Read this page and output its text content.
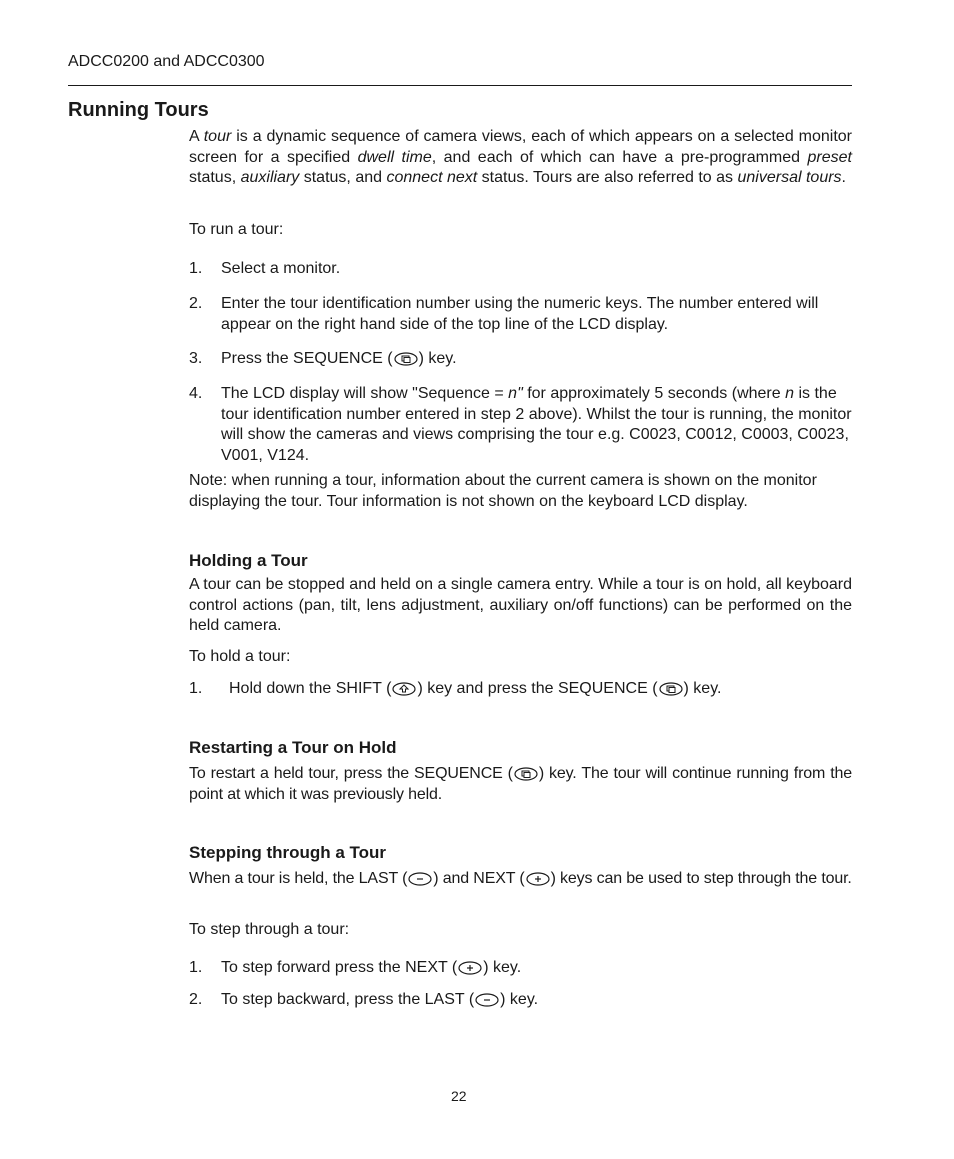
ADCC0200 and ADCC0300
Running Tours
A tour is a dynamic sequence of camera views, each of which appears on a selected monitor screen for a specified dwell time, and each of which can have a pre-programmed preset status, auxiliary status, and connect next status. Tours are also referred to as universal tours.
To run a tour:
1. Select a monitor.
2. Enter the tour identification number using the numeric keys. The number entered will appear on the right hand side of the top line of the LCD display.
3. Press the SEQUENCE ( ) key.
4. The LCD display will show "Sequence = n" for approximately 5 seconds (where n is the tour identification number entered in step 2 above). Whilst the tour is running, the monitor will show the cameras and views comprising the tour e.g. C0023, C0012, C0003, C0023, V001, V124.
Note: when running a tour, information about the current camera is shown on the monitor displaying the tour. Tour information is not shown on the keyboard LCD display.
Holding a Tour
A tour can be stopped and held on a single camera entry. While a tour is on hold, all keyboard control actions (pan, tilt, lens adjustment, auxiliary on/off functions) can be performed on the held camera.
To hold a tour:
1. Hold down the SHIFT ( ) key and press the SEQUENCE ( ) key.
Restarting a Tour on Hold
To restart a held tour, press the SEQUENCE ( ) key. The tour will continue running from the point at which it was previously held.
Stepping through a Tour
When a tour is held, the LAST ( ) and NEXT ( ) keys can be used to step through the tour.
To step through a tour:
1. To step forward press the NEXT ( ) key.
2. To step backward, press the LAST ( ) key.
22
